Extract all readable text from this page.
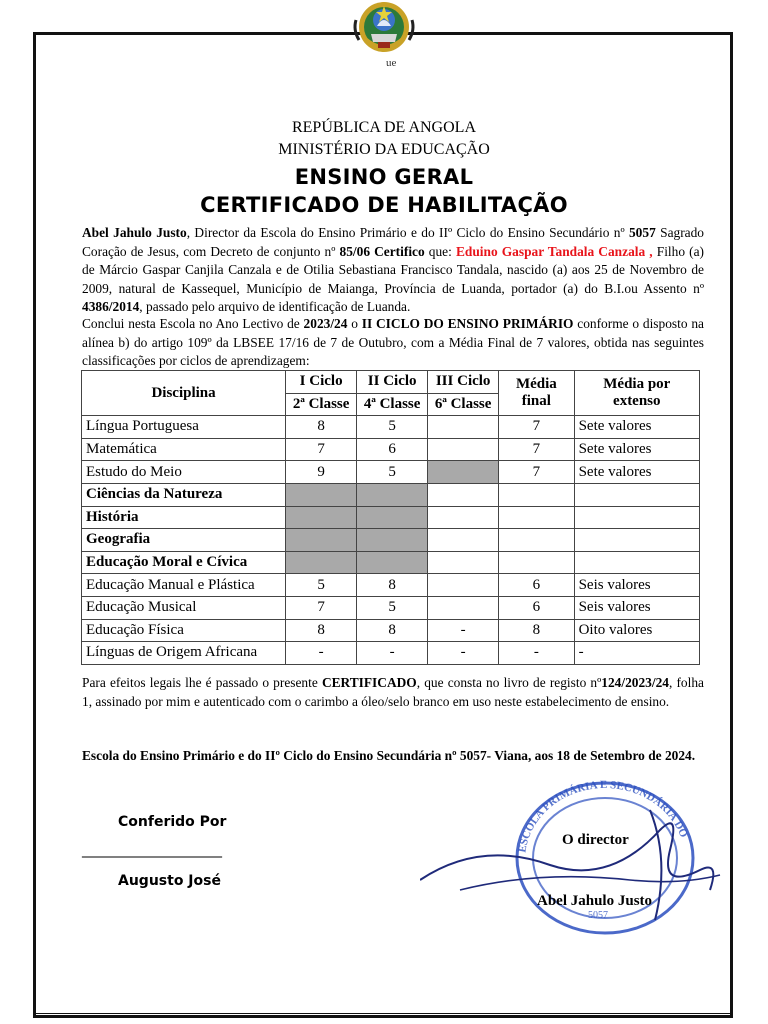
ue
REPÚBLICA DE ANGOLA
MINISTÉRIO DA EDUCAÇÃO
ENSINO GERAL
CERTIFICADO DE HABILITAÇÃO
Abel Jahulo Justo, Director da Escola do Ensino Primário e do IIº Ciclo do Ensino Secundário nº 5057 Sagrado Coração de Jesus, com Decreto de conjunto nº 85/06 Certifico que: Eduino Gaspar Tandala Canzala , Filho (a) de Márcio Gaspar Canjila Canzala e de Otilia Sebastiana Francisco Tandala, nascido (a) aos 25 de Novembro de 2009, natural de Kassequel, Município de Maianga, Província de Luanda, portador (a) do B.I.ou Assento nº 4386/2014, passado pelo arquivo de identificação de Luanda.
Conclui nesta Escola no Ano Lectivo de 2023/24 o II CICLO DO ENSINO PRIMÁRIO conforme o disposto na alínea b) do artigo 109º da LBSEE 17/16 de 7 de Outubro, com a Média Final de 7 valores, obtida nas seguintes classificações por ciclos de aprendizagem:
Disciplina	I Ciclo	II Ciclo	III Ciclo	Média final	Média por extenso
	2ª Classe	4ª Classe	6ª Classe		
Língua Portuguesa	8	5		7	Sete valores
Matemática	7	6		7	Sete valores
Estudo do Meio	9	5		7	Sete valores
Ciências da Natureza					
História					
Geografia					
Educação Moral e Cívica					
Educação Manual e Plástica	5	8		6	Seis valores
Educação Musical	7	5		6	Seis valores
Educação Física	8	8	-	8	Oito valores
Línguas de Origem Africana	-	-	-	-	-
Para efeitos legais lhe é passado o presente CERTIFICADO, que consta no livro de registo nº124/2023/24, folha 1, assinado por mim e autenticado com o carimbo a óleo/selo branco em uso neste estabelecimento de ensino.
Escola do Ensino Primário e do IIº Ciclo do Ensino Secundária nº 5057- Viana, aos 18 de Setembro de 2024.
Conferido Por
____________________
Augusto José
ESCOLA PRIMÁRIA E SECUNDÁRIA DO
5057
O director
Abel Jahulo Justo
